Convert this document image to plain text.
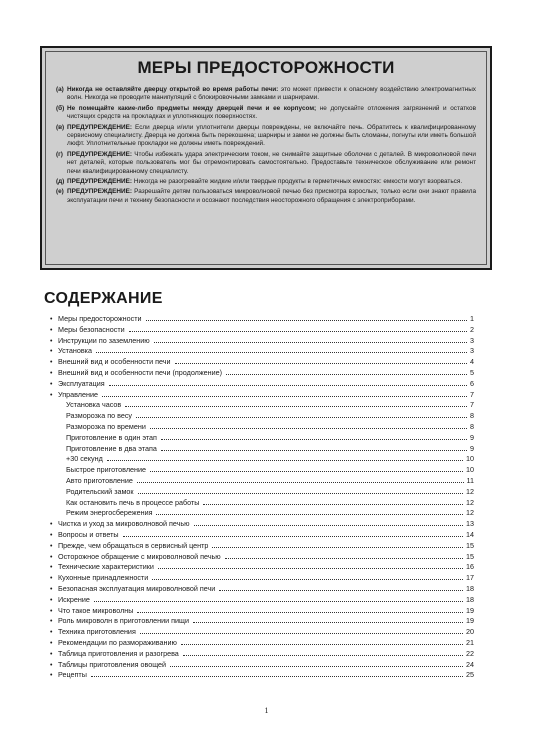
МЕРЫ ПРЕДОСТОРОЖНОСТИ
(а) Никогда не оставляйте дверцу открытой во время работы печи: это может привести к опасному воздействию электромагнитных волн. Никогда не проводите манипуляций с блокировочными замками и шарнирами.
(б) Не помещайте какие-либо предметы между дверцей печи и ее корпусом; не допускайте отложения загрязнений и остатков чистящих средств на прокладках и уплотняющих поверхностях.
(в) ПРЕДУПРЕЖДЕНИЕ: Если дверца и/или уплотнители дверцы повреждены, не включайте печь. Обратитесь к квалифицированному сервисному специалисту. Дверца не должна быть перекошена; шарниры и замки не должны быть сломаны, погнуты или иметь большой люфт. Уплотнительные прокладки не должны иметь повреждений.
(г) ПРЕДУПРЕЖДЕНИЕ: Чтобы избежать удара электрическим током, не снимайте защитные оболочки с деталей. В микроволновой печи нет деталей, которые пользователь мог бы отремонтировать самостоятельно. Предоставьте техническое обслуживание или ремонт печи квалифицированному специалисту.
(д) ПРЕДУПРЕЖДЕНИЕ: Никогда не разогревайте жидкие и/или твердые продукты в герметичных емкостях: емкости могут взорваться.
(е) ПРЕДУПРЕЖДЕНИЕ: Разрешайте детям пользоваться микроволновой печью без присмотра взрослых, только если они знают правила эксплуатации печи и технику безопасности и осознают последствия неосторожного обращения с электроприборами.
СОДЕРЖАНИЕ
• Меры предосторожности	1
• Меры безопасности	2
• Инструкции по заземлению	3
• Установка	3
• Внешний вид и особенности печи	4
• Внешний вид и особенности печи (продолжение)	5
• Эксплуатация	6
• Управление	7
Установка часов	7
Разморозка по весу	8
Разморозка по времени	8
Приготовление в один этап	9
Приготовление в два этапа	9
+30 секунд	10
Быстрое приготовление	10
Авто приготовление	11
Родительский замок	12
Как остановить печь в процессе работы	12
Режим энергосбережения	12
• Чистка и уход за микроволновой печью	13
• Вопросы и ответы	14
• Прежде, чем обращаться в сервисный центр	15
• Осторожное обращение с микроволновой печью	15
• Технические характеристики	16
• Кухонные принадлежности	17
• Безопасная эксплуатация микроволновой печи	18
• Искрение	18
• Что такое микроволны	19
• Роль микроволн в приготовлении пищи	19
• Техника приготовления	20
• Рекомендации по размораживанию	21
• Таблица приготовления и разогрева	22
• Таблицы приготовления овощей	24
• Рецепты	25
1
